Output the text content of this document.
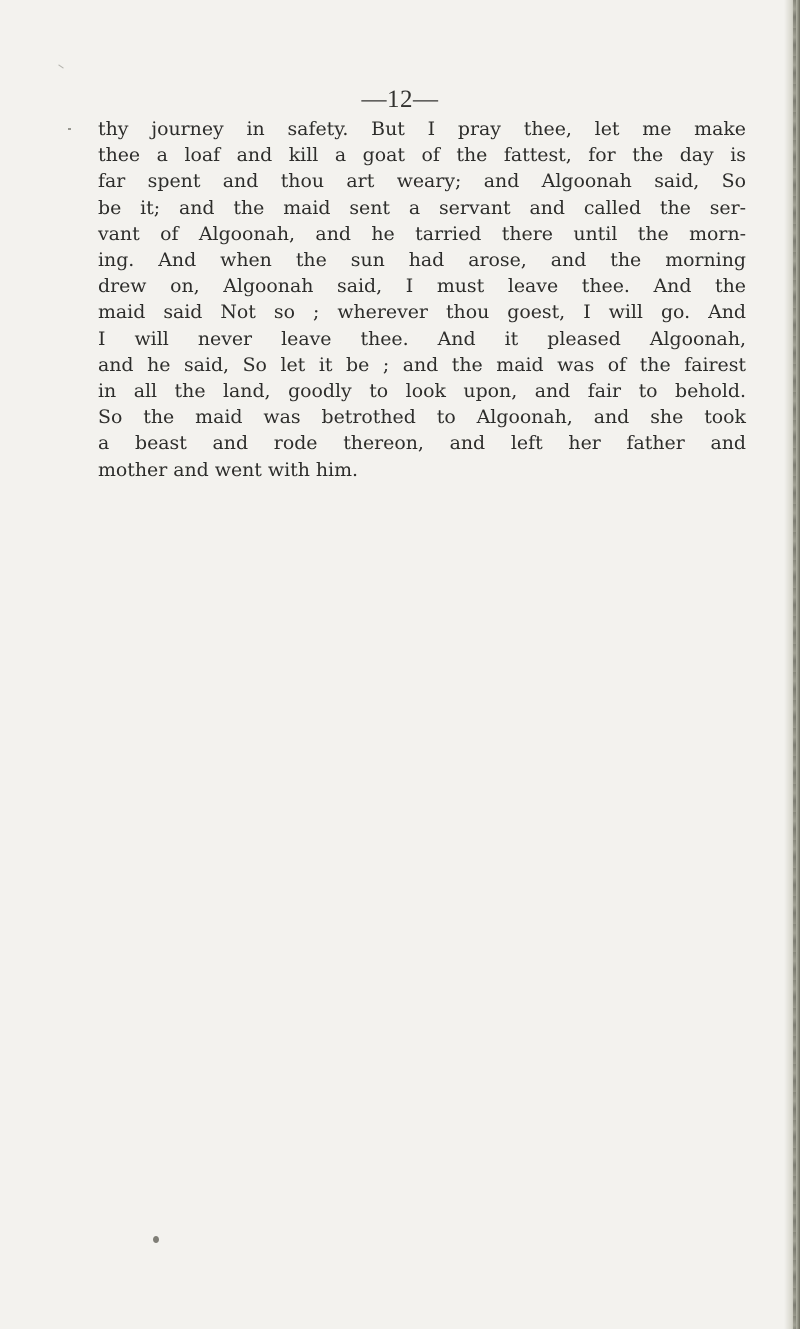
—12—

thy journey in safety. But I pray thee, let me make
thee a loaf and kill a goat of the fattest, for the day is
far spent and thou art weary; and Algoonah said, So
be it; and the maid sent a servant and called the ser-
vant of Algoonah, and he tarried there until the morn-
ing. And when the sun had arose, and the morning
drew on, Algoonah said, I must leave thee. And the
maid said Not so ; wherever thou goest, I will go. And
I will never leave thee. And it pleased Algoonah,
and he said, So let it be ; and the maid was of the fairest
in all the land, goodly to look upon, and fair to behold.
So the maid was betrothed to Algoonah, and she took
a beast and rode thereon, and left her father and
mother and went with him.
